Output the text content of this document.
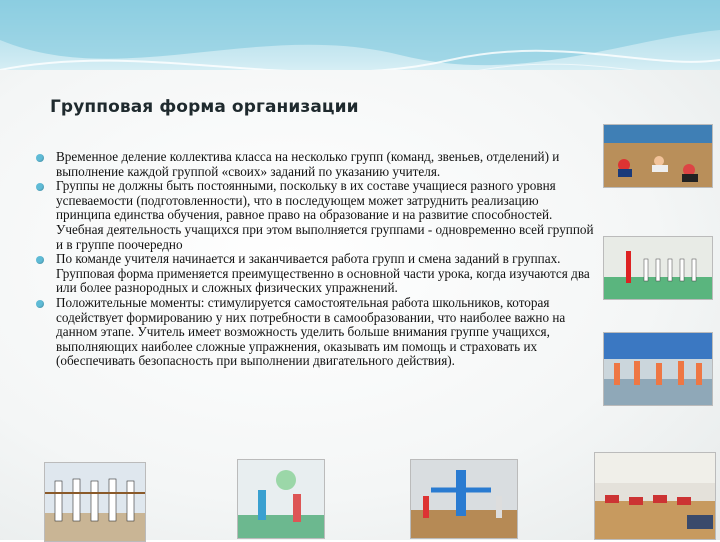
Групповая форма организации
Временное деление коллектива класса на несколько групп (команд, звеньев, отделений) и выполнение каждой группой «своих» заданий по указанию учителя.
Группы не должны быть постоянными, поскольку в их составе учащиеся разного уровня успеваемости (подготовленности), что в последующем может затруднить реализацию принципа единства обучения, равное право на образование и на развитие способностей. Учебная деятельность учащихся при этом выполняется группами - одновременно всей группой и в группе поочередно
По команде учителя начинается и заканчивается работа групп и смена заданий в группах. Групповая форма применяется преимущественно в основной части урока, когда изучаются два или более разнородных и сложных физических упражнений.
Положительные моменты: стимулируется самостоятельная работа школьников, которая содействует формированию у них потребности в самообразовании, что наиболее важно на данном этапе. Учитель имеет возможность уделить больше внимания группе учащихся, выполняющих наиболее сложные упражнения, оказывать им помощь и страховать их (обеспечивать безопасность при выполнении двигательного действия).
